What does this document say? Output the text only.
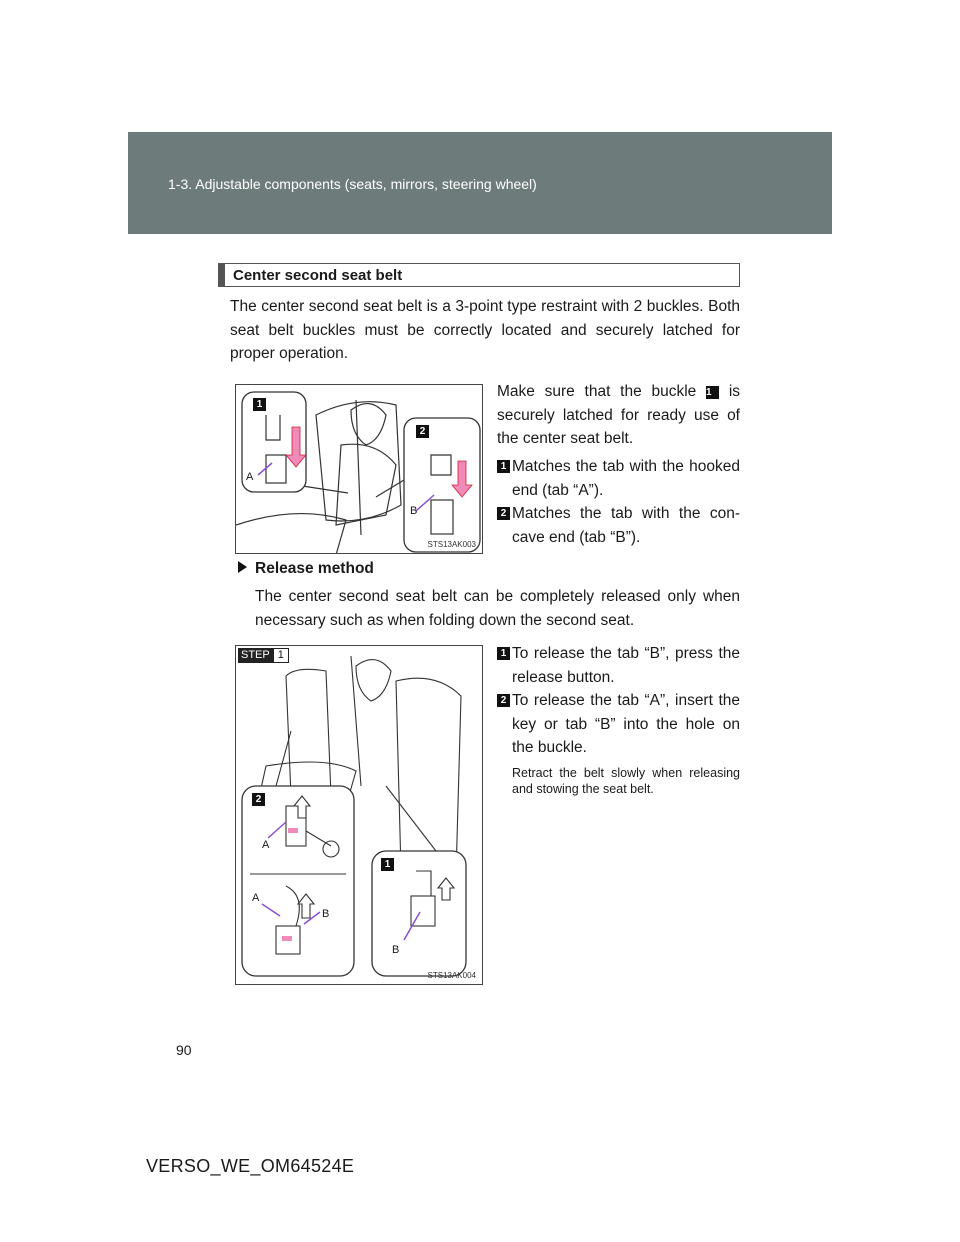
1-3. Adjustable components (seats, mirrors, steering wheel)
Center second seat belt
The center second seat belt is a 3-point type restraint with 2 buckles. Both seat belt buckles must be correctly located and securely latched for proper operation.
1
2
A
B
STS13AK003
Make sure that the buckle 1 is securely latched for ready use of the center seat belt.
1 Matches the tab with the hooked end (tab “A”).
2 Matches the tab with the con-cave end (tab “B”).
Release method
The center second seat belt can be completely released only when necessary such as when folding down the second seat.
STEP 1
2
1
A
A
B
B
STS13AK004
1 To release the tab “B”, press the release button.
2 To release the tab “A”, insert the key or tab “B” into the hole on the buckle.
Retract the belt slowly when releasing and stowing the seat belt.
90
VERSO_WE_OM64524E
